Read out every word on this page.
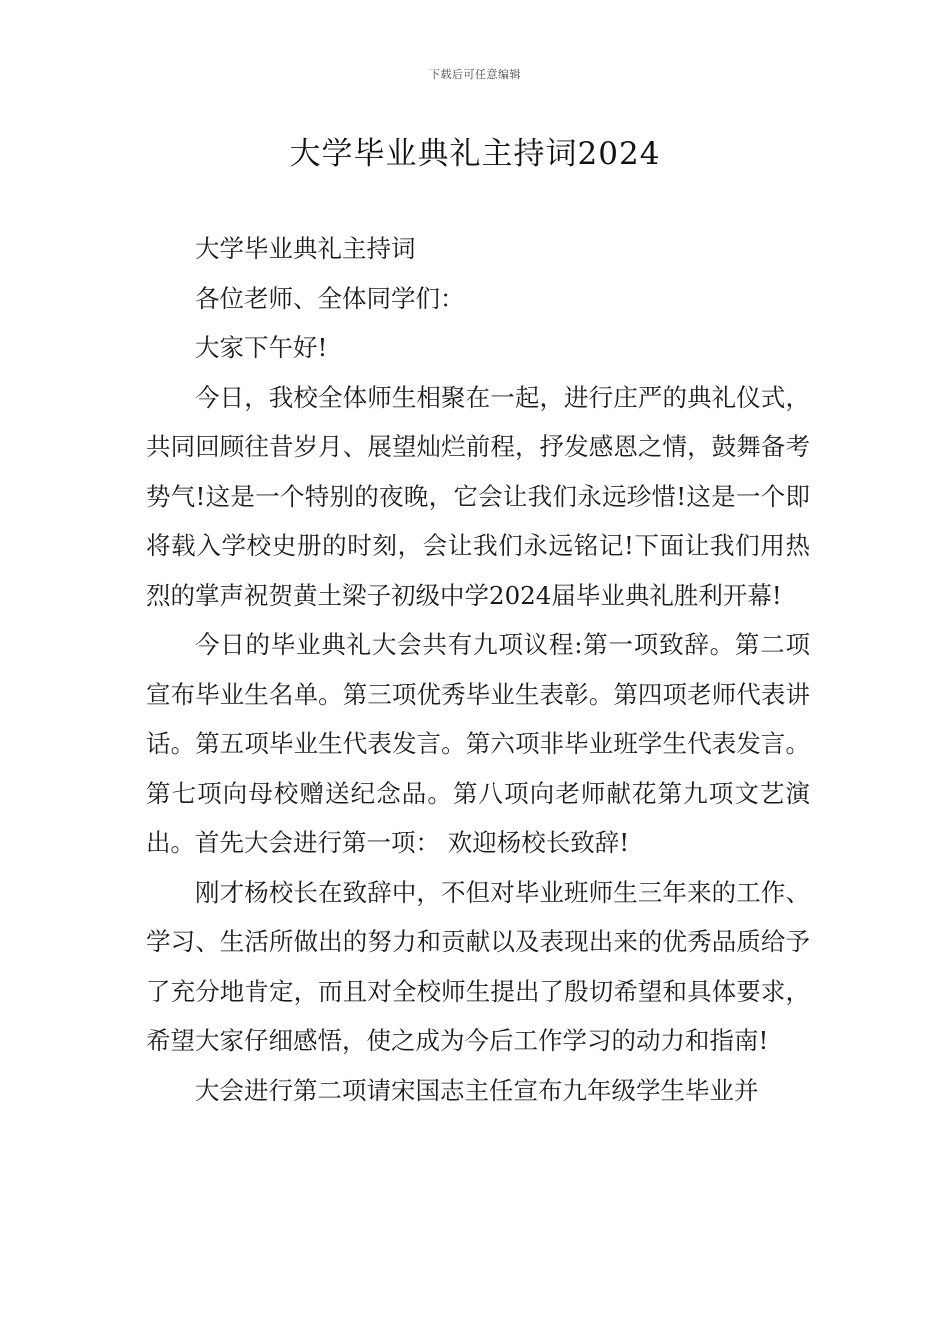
下载后可任意编辑
大学毕业典礼主持词2024

大学毕业典礼主持词

各位老师、全体同学们：

大家下午好!

今日，我校全体师生相聚在一起，进行庄严的典礼仪式，共同回顾往昔岁月、展望灿烂前程，抒发感恩之情，鼓舞备考势气!这是一个特别的夜晚，它会让我们永远珍惜!这是一个即将载入学校史册的时刻，会让我们永远铭记!下面让我们用热烈的掌声祝贺黄土梁子初级中学2024届毕业典礼胜利开幕!

今日的毕业典礼大会共有九项议程:第一项致辞。第二项宣布毕业生名单。第三项优秀毕业生表彰。第四项老师代表讲话。第五项毕业生代表发言。第六项非毕业班学生代表发言。第七项向母校赠送纪念品。第八项向老师献花第九项文艺演出。首先大会进行第一项： 欢迎杨校长致辞!

刚才杨校长在致辞中，不但对毕业班师生三年来的工作、学习、生活所做出的努力和贡献以及表现出来的优秀品质给予了充分地肯定，而且对全校师生提出了殷切希望和具体要求，希望大家仔细感悟，使之成为今后工作学习的动力和指南!

大会进行第二项请宋国志主任宣布九年级学生毕业并
